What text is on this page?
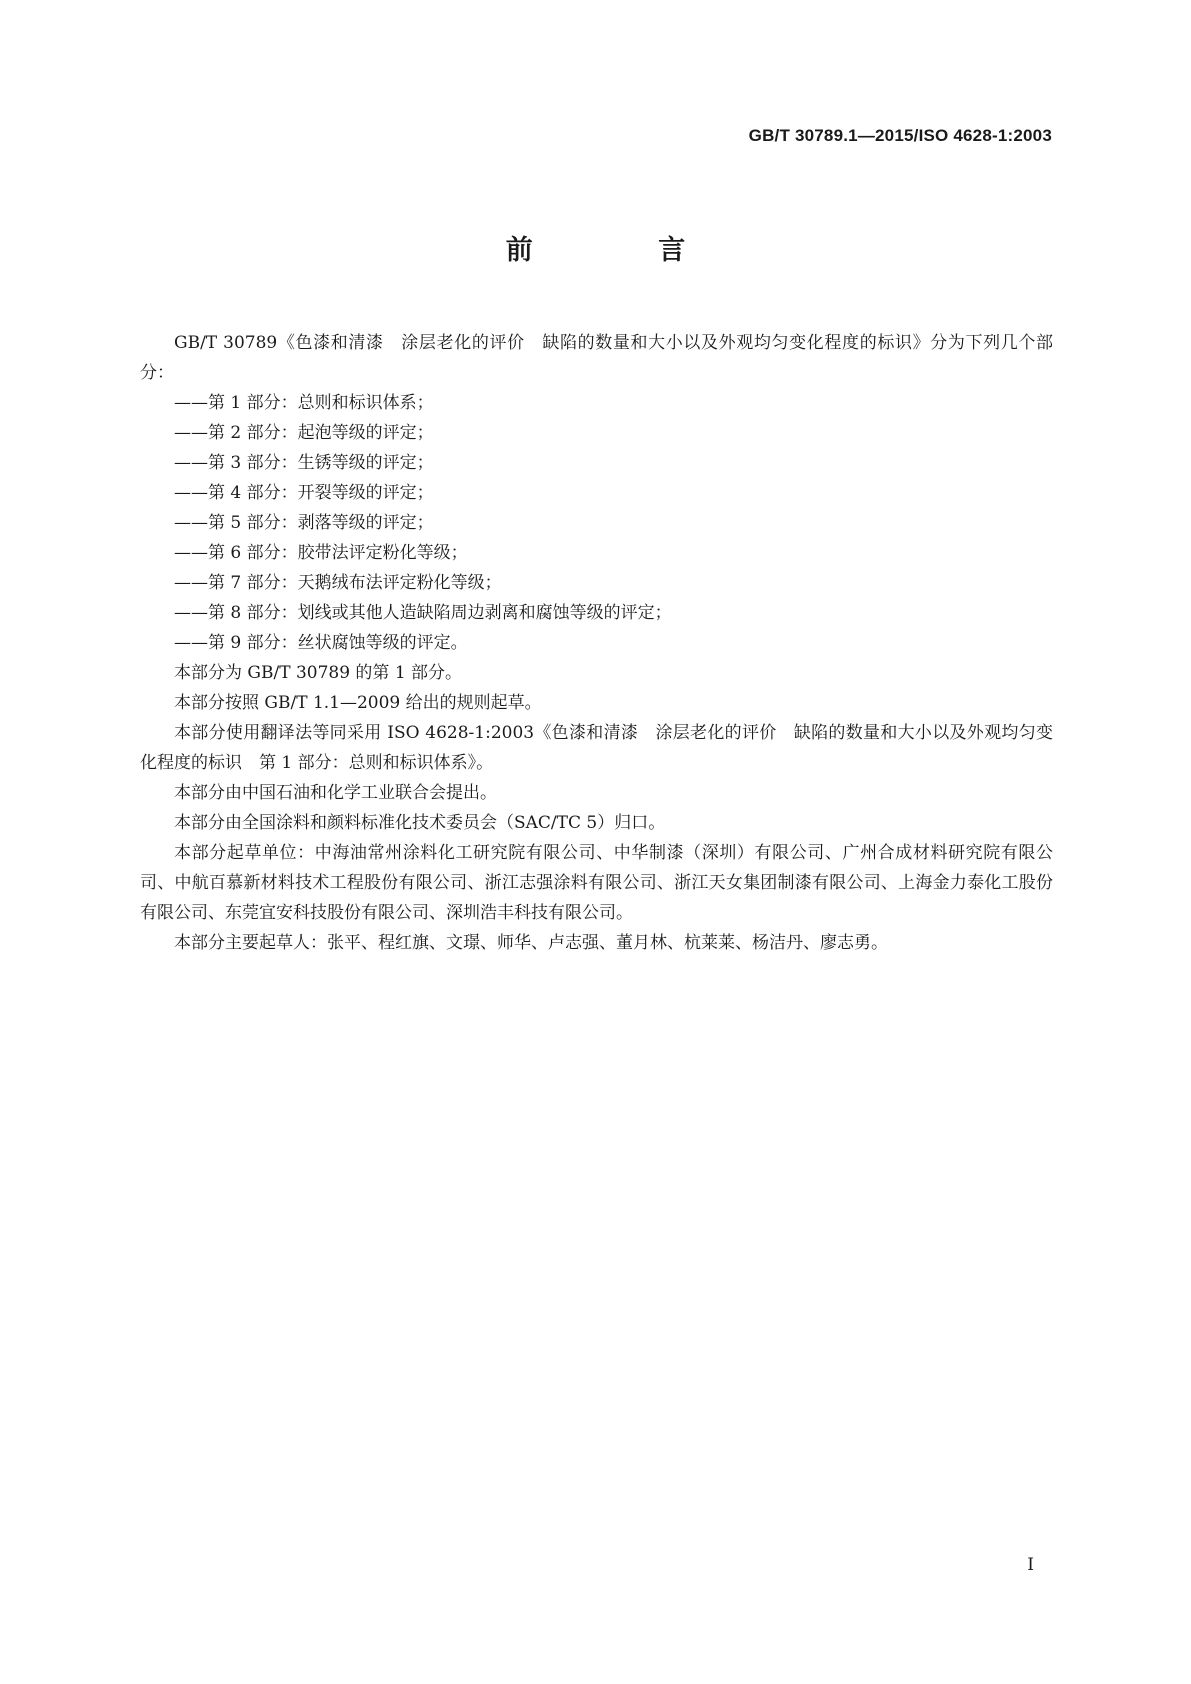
GB/T 30789.1—2015/ISO 4628-1:2003
前 言

GB/T 30789《色漆和清漆　涂层老化的评价　缺陷的数量和大小以及外观均匀变化程度的标识》分为下列几个部分：

——第 1 部分：总则和标识体系；
——第 2 部分：起泡等级的评定；
——第 3 部分：生锈等级的评定；
——第 4 部分：开裂等级的评定；
——第 5 部分：剥落等级的评定；
——第 6 部分：胶带法评定粉化等级；
——第 7 部分：天鹅绒布法评定粉化等级；
——第 8 部分：划线或其他人造缺陷周边剥离和腐蚀等级的评定；
——第 9 部分：丝状腐蚀等级的评定。

本部分为 GB/T 30789 的第 1 部分。

本部分按照 GB/T 1.1—2009 给出的规则起草。

本部分使用翻译法等同采用 ISO 4628-1:2003《色漆和清漆　涂层老化的评价　缺陷的数量和大小以及外观均匀变化程度的标识　第 1 部分：总则和标识体系》。

本部分由中国石油和化学工业联合会提出。

本部分由全国涂料和颜料标准化技术委员会（SAC/TC 5）归口。

本部分起草单位：中海油常州涂料化工研究院有限公司、中华制漆（深圳）有限公司、广州合成材料研究院有限公司、中航百慕新材料技术工程股份有限公司、浙江志强涂料有限公司、浙江天女集团制漆有限公司、上海金力泰化工股份有限公司、东莞宜安科技股份有限公司、深圳浩丰科技有限公司。

本部分主要起草人：张平、程红旗、文璟、师华、卢志强、董月林、杭莱莱、杨洁丹、廖志勇。

I
